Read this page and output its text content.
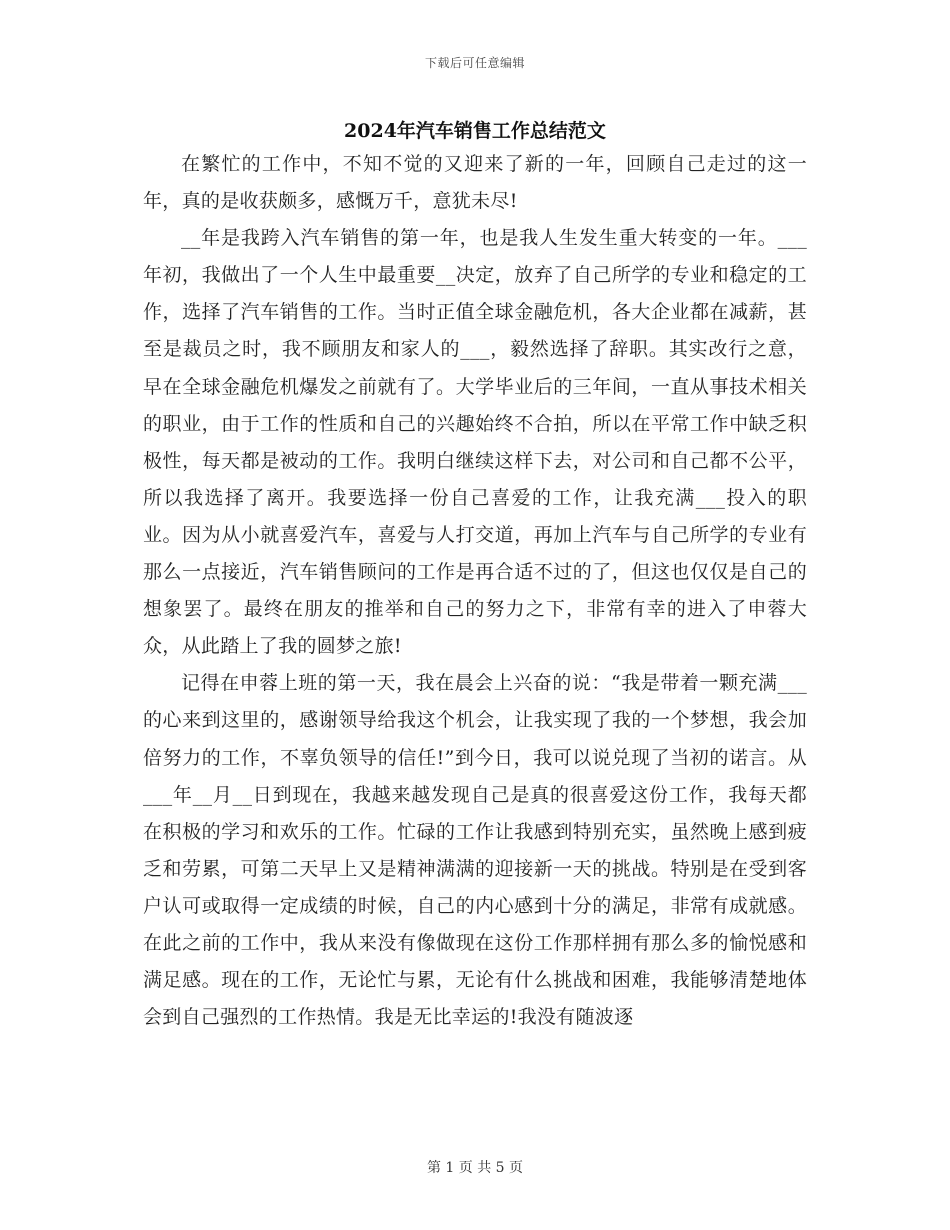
下载后可任意编辑
2024年汽车销售工作总结范文

在繁忙的工作中，不知不觉的又迎来了新的一年，回顾自己走过的这一年，真的是收获颇多，感慨万千，意犹未尽!

__年是我跨入汽车销售的第一年，也是我人生发生重大转变的一年。___年初，我做出了一个人生中最重要__决定，放弃了自己所学的专业和稳定的工作，选择了汽车销售的工作。当时正值全球金融危机，各大企业都在减薪，甚至是裁员之时，我不顾朋友和家人的___，毅然选择了辞职。其实改行之意，早在全球金融危机爆发之前就有了。大学毕业后的三年间，一直从事技术相关的职业，由于工作的性质和自己的兴趣始终不合拍，所以在平常工作中缺乏积极性，每天都是被动的工作。我明白继续这样下去，对公司和自己都不公平，所以我选择了离开。我要选择一份自己喜爱的工作，让我充满___投入的职业。因为从小就喜爱汽车，喜爱与人打交道，再加上汽车与自己所学的专业有那么一点接近，汽车销售顾问的工作是再合适不过的了，但这也仅仅是自己的想象罢了。最终在朋友的推举和自己的努力之下，非常有幸的进入了申蓉大众，从此踏上了我的圆梦之旅!

记得在申蓉上班的第一天，我在晨会上兴奋的说：“我是带着一颗充满___的心来到这里的，感谢领导给我这个机会，让我实现了我的一个梦想，我会加倍努力的工作，不辜负领导的信任!”到今日，我可以说兑现了当初的诺言。从___年__月__日到现在，我越来越发现自己是真的很喜爱这份工作，我每天都在积极的学习和欢乐的工作。忙碌的工作让我感到特别充实，虽然晚上感到疲乏和劳累，可第二天早上又是精神满满的迎接新一天的挑战。特别是在受到客户认可或取得一定成绩的时候，自己的内心感到十分的满足，非常有成就感。在此之前的工作中，我从来没有像做现在这份工作那样拥有那么多的愉悦感和满足感。现在的工作，无论忙与累，无论有什么挑战和困难，我能够清楚地体会到自己强烈的工作热情。我是无比幸运的!我没有随波逐

第 1 页 共 5 页
